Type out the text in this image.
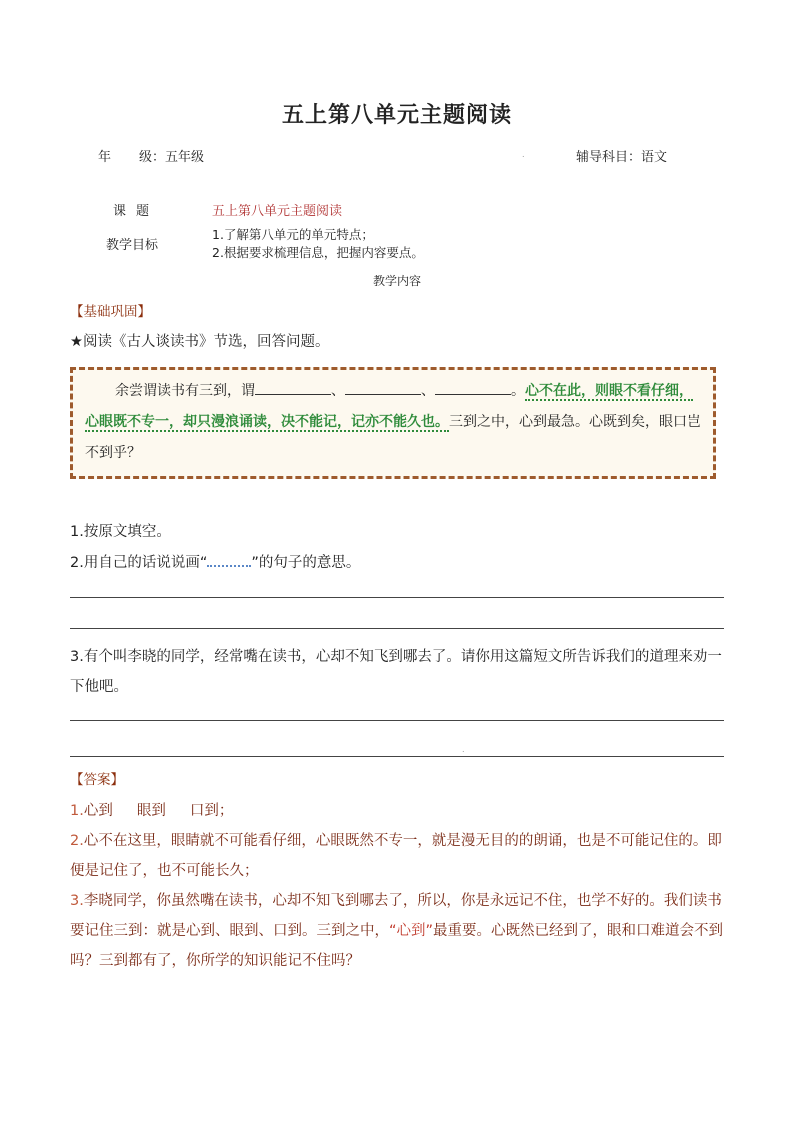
五上第八单元主题阅读
年 级：五年级	.	辅导科目：语文
课题	五上第八单元主题阅读
教学目标
1.了解第八单元的单元特点；
2.根据要求梳理信息，把握内容要点。
教学内容
【基础巩固】
★阅读《古人谈读书》节选，回答问题。
余尝谓读书有三到，谓	、	、	。心不在此，则眼不看仔细，心眼既不专一，却只漫浪诵读，决不能记，记亦不能久也。三到之中，心到最急。心既到矣，眼口岂不到乎？
1.按原文填空。
2.用自己的话说说画“	”的句子的意思。
3.有个叫李晓的同学，经常嘴在读书，心却不知飞到哪去了。请你用这篇短文所告诉我们的道理来劝一下他吧。
.
【答案】
1.心到 眼到 口到；
2.心不在这里，眼睛就不可能看仔细，心眼既然不专一，就是漫无目的的朗诵，也是不可能记住的。即便是记住了，也不可能长久；
3.李晓同学，你虽然嘴在读书，心却不知飞到哪去了，所以，你是永远记不住，也学不好的。我们读书要记住三到：就是心到、眼到、口到。三到之中，“心到”最重要。心既然已经到了，眼和口难道会不到吗？三到都有了，你所学的知识能记不住吗？
